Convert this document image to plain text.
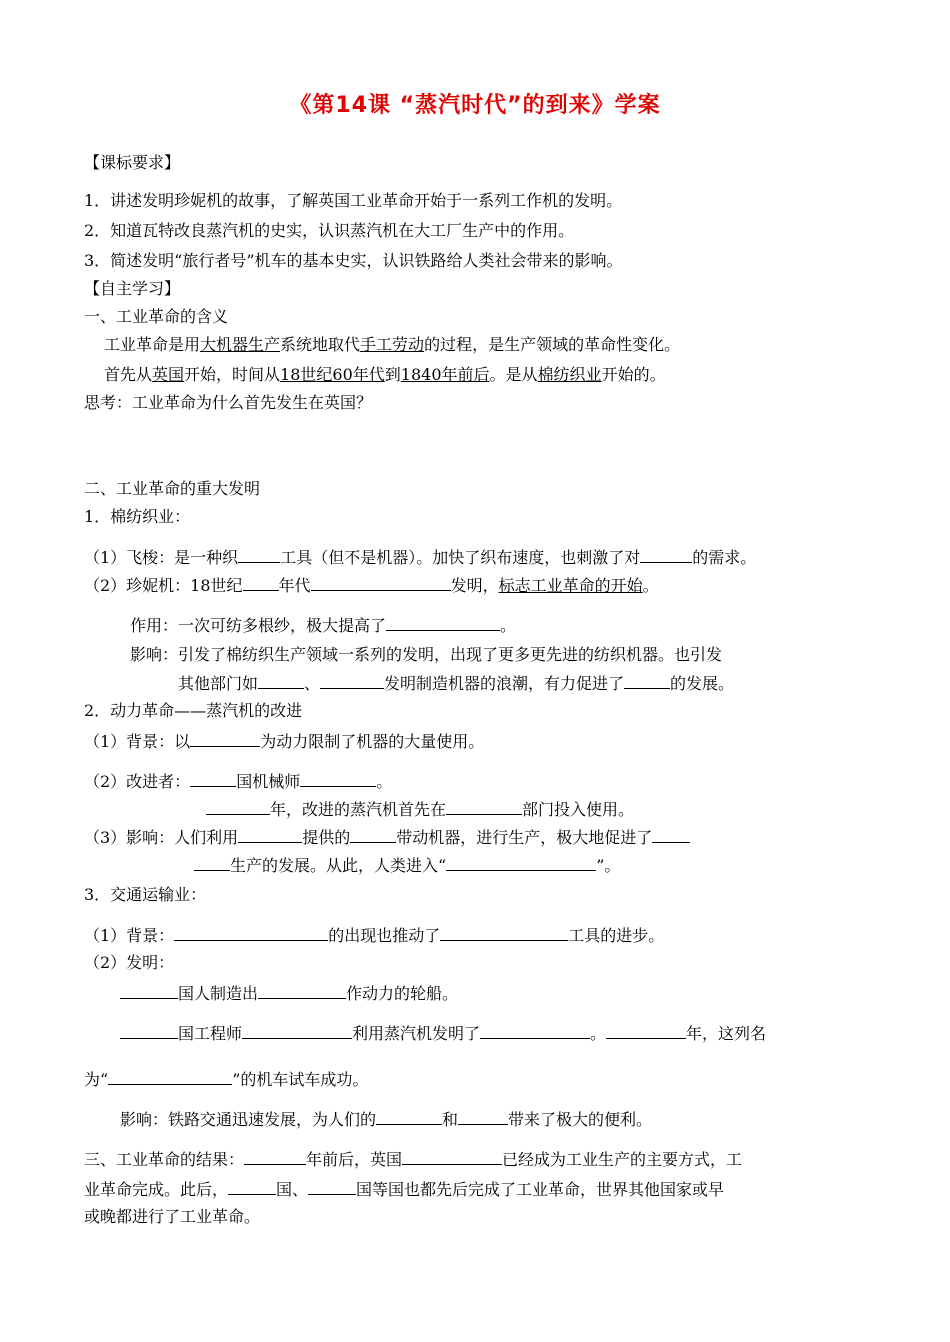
《第14课 “蒸汽时代”的到来》学案
【课标要求】
1．讲述发明珍妮机的故事，了解英国工业革命开始于一系列工作机的发明。
2．知道瓦特改良蒸汽机的史实，认识蒸汽机在大工厂生产中的作用。
3．简述发明“旅行者号”机车的基本史实，认识铁路给人类社会带来的影响。
【自主学习】
一、工业革命的含义
工业革命是用大机器生产系统地取代手工劳动的过程，是生产领域的革命性变化。
首先从英国开始，时间从18世纪60年代到1840年前后。是从棉纺织业开始的。
思考：工业革命为什么首先发生在英国？
二、工业革命的重大发明
1．棉纺织业：
（1）飞梭：是一种织	工具（但不是机器）。加快了织布速度，也刺激了对	的需求。
（2）珍妮机：18世纪 年代	发明，标志工业革命的开始。
作用：一次可纺多根纱，极大提高了	。
影响：引发了棉纺织生产领域一系列的发明，出现了更多更先进的纺织机器。也引发
其他部门如	、	发明制造机器的浪潮，有力促进了	的发展。
2．动力革命——蒸汽机的改进
（1）背景：以	为动力限制了机器的大量使用。
（2）改进者：	国机械师	。
年，改进的蒸汽机首先在	部门投入使用。
（3）影响：人们利用	提供的	带动机器，进行生产，极大地促进了
生产的发展。从此，人类进入“	”。
3．交通运输业：
（1）背景：	的出现也推动了	工具的进步。
（2）发明：
国人制造出	作动力的轮船。
国工程师	利用蒸汽机发明了	。	年，这列名
为“	”的机车试车成功。
影响：铁路交通迅速发展，为人们的	和	带来了极大的便利。
三、工业革命的结果：	年前后，英国	已经成为工业生产的主要方式，工
业革命完成。此后，	国、	国等国也都先后完成了工业革命，世界其他国家或早
或晚都进行了工业革命。
